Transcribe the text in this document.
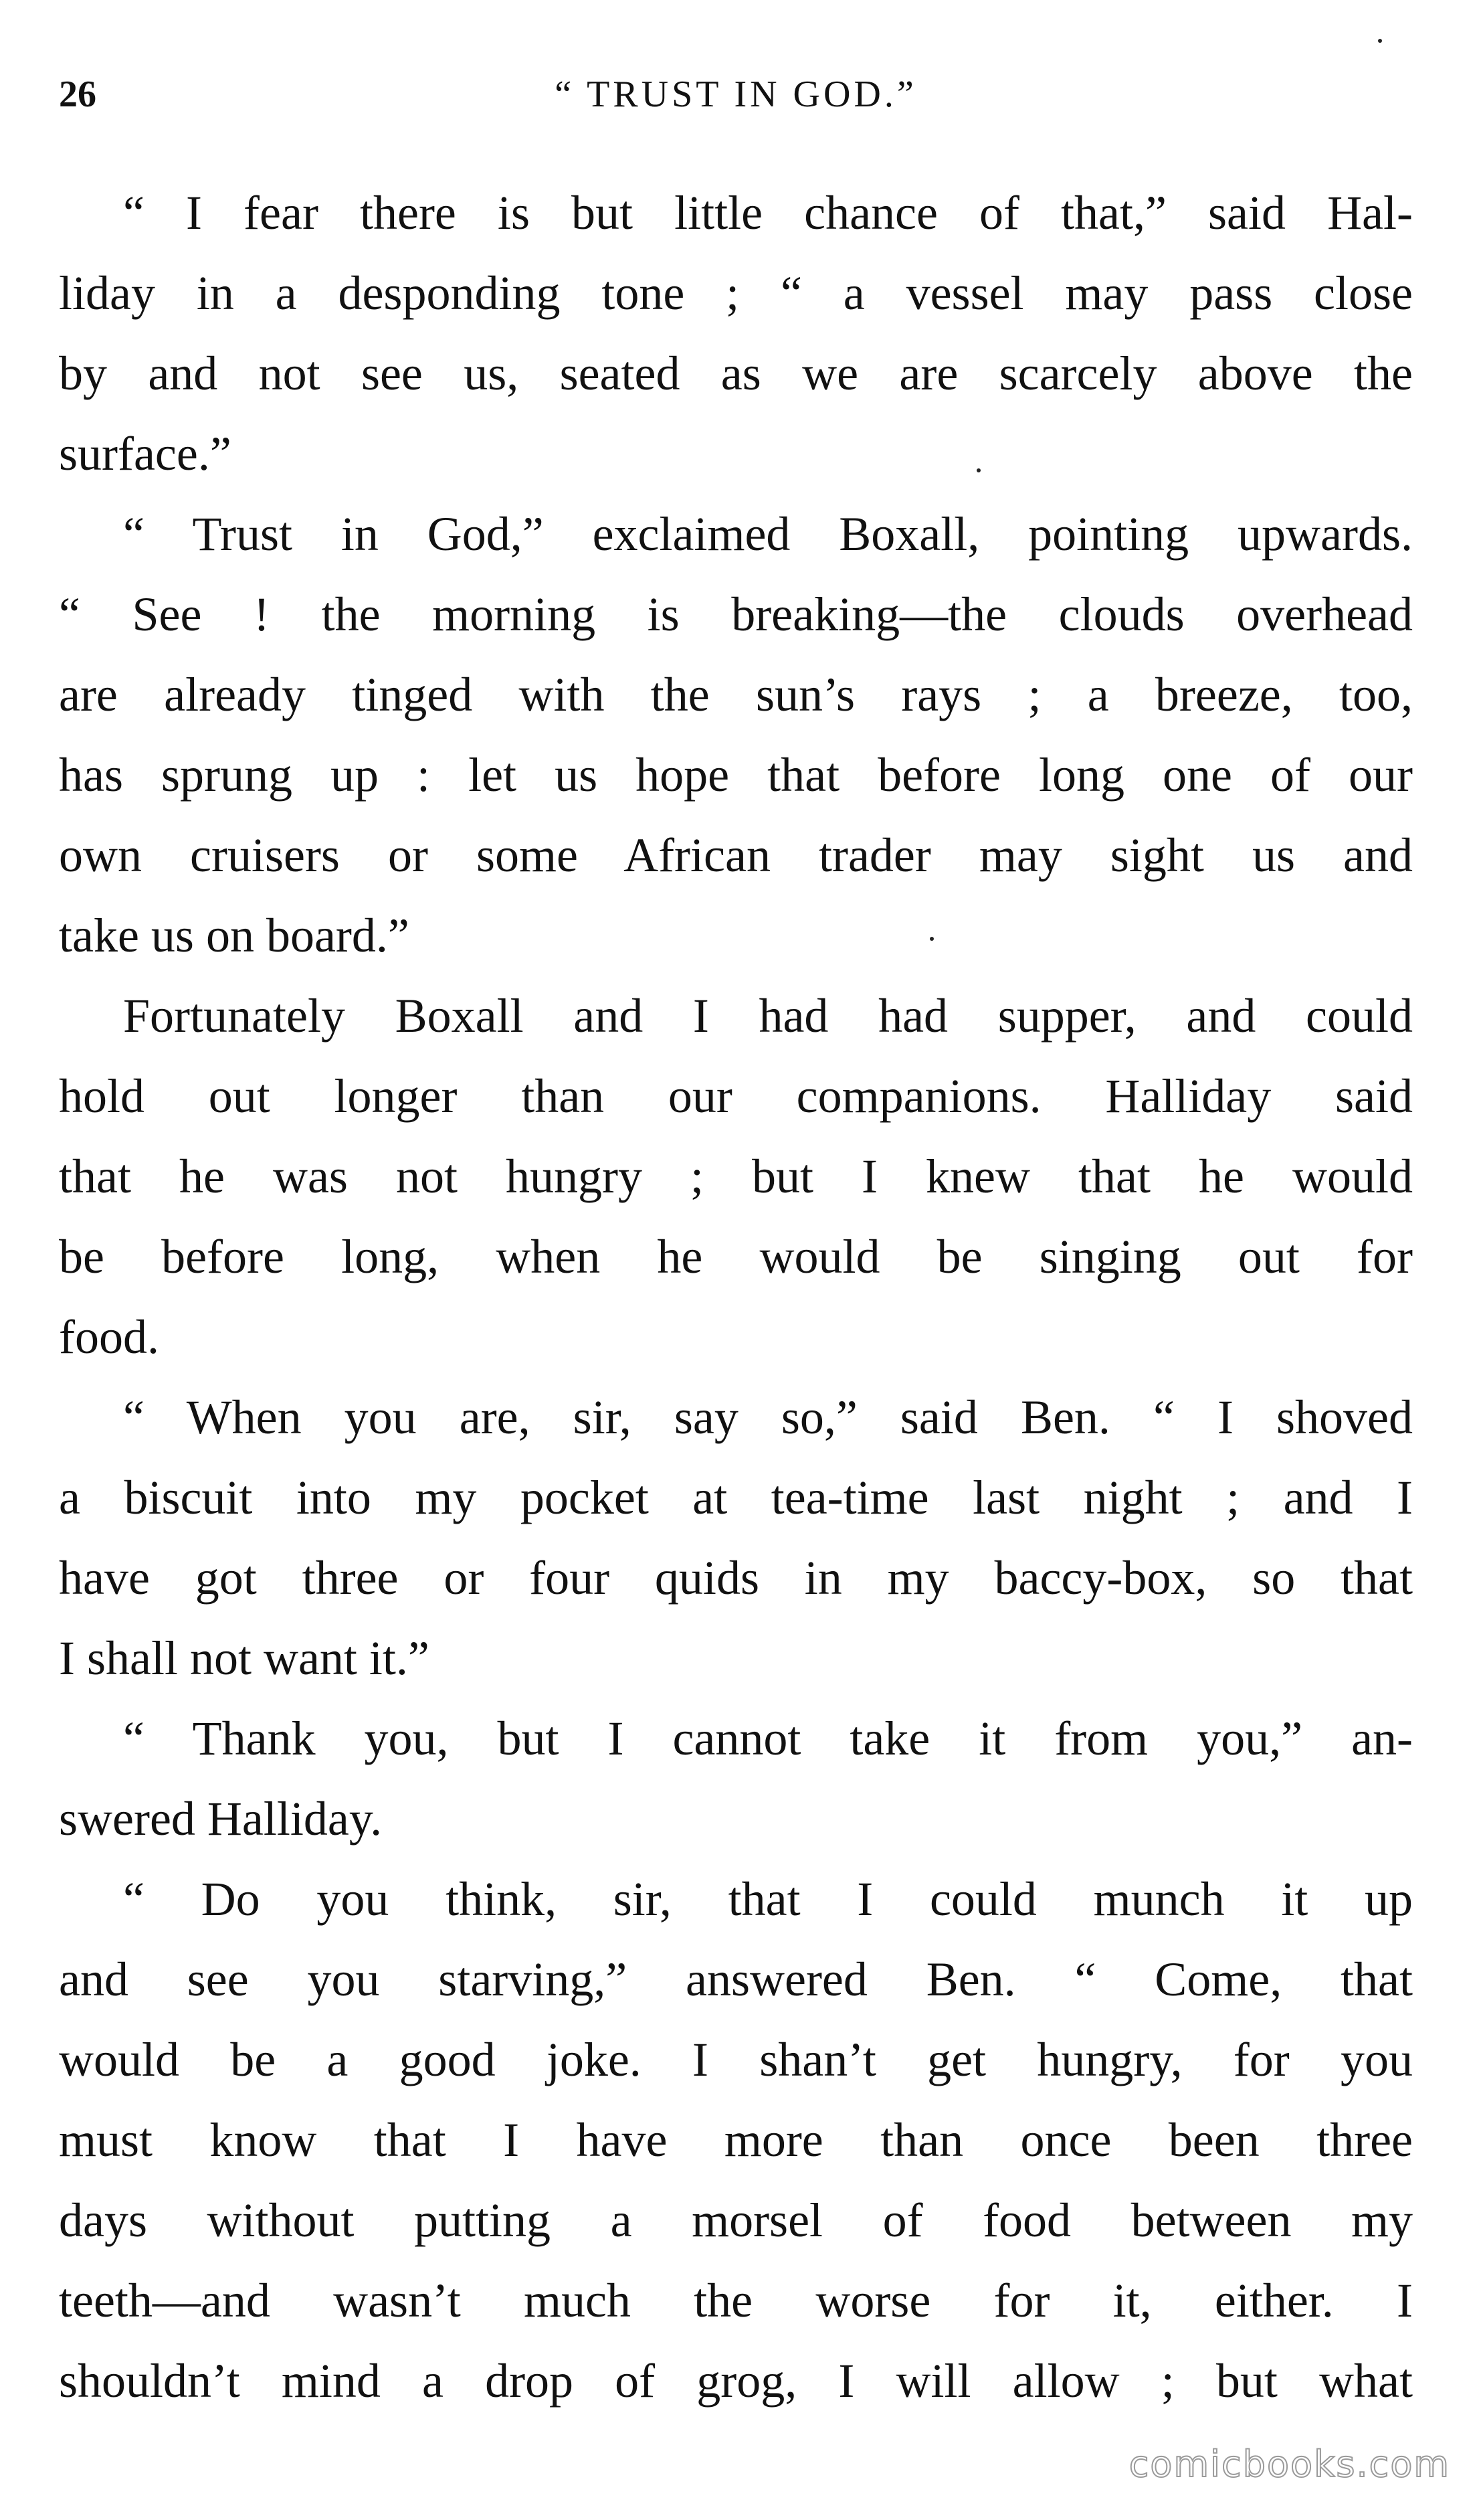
26	“ TRUST IN GOD.”
“ I fear there is but little chance of that,” said Hal-
liday in a desponding tone ; “ a vessel may pass close
by and not see us, seated as we are scarcely above the
surface.”
“ Trust in God,” exclaimed Boxall, pointing upwards.
“ See ! the morning is breaking—the clouds overhead
are already tinged with the sun’s rays ; a breeze, too,
has sprung up : let us hope that before long one of our
own cruisers or some African trader may sight us and
take us on board.”
Fortunately Boxall and I had had supper, and could
hold out longer than our companions. Halliday said
that he was not hungry ; but I knew that he would
be before long, when he would be singing out for
food.
“ When you are, sir, say so,” said Ben. “ I shoved
a biscuit into my pocket at tea-time last night ; and I
have got three or four quids in my baccy-box, so that
I shall not want it.”
“ Thank you, but I cannot take it from you,” an-
swered Halliday.
“ Do you think, sir, that I could munch it up
and see you starving,” answered Ben. “ Come, that
would be a good joke. I shan’t get hungry, for you
must know that I have more than once been three
days without putting a morsel of food between my
teeth—and wasn’t much the worse for it, either. I
shouldn’t mind a drop of grog, I will allow ; but what
comicbooks.com
